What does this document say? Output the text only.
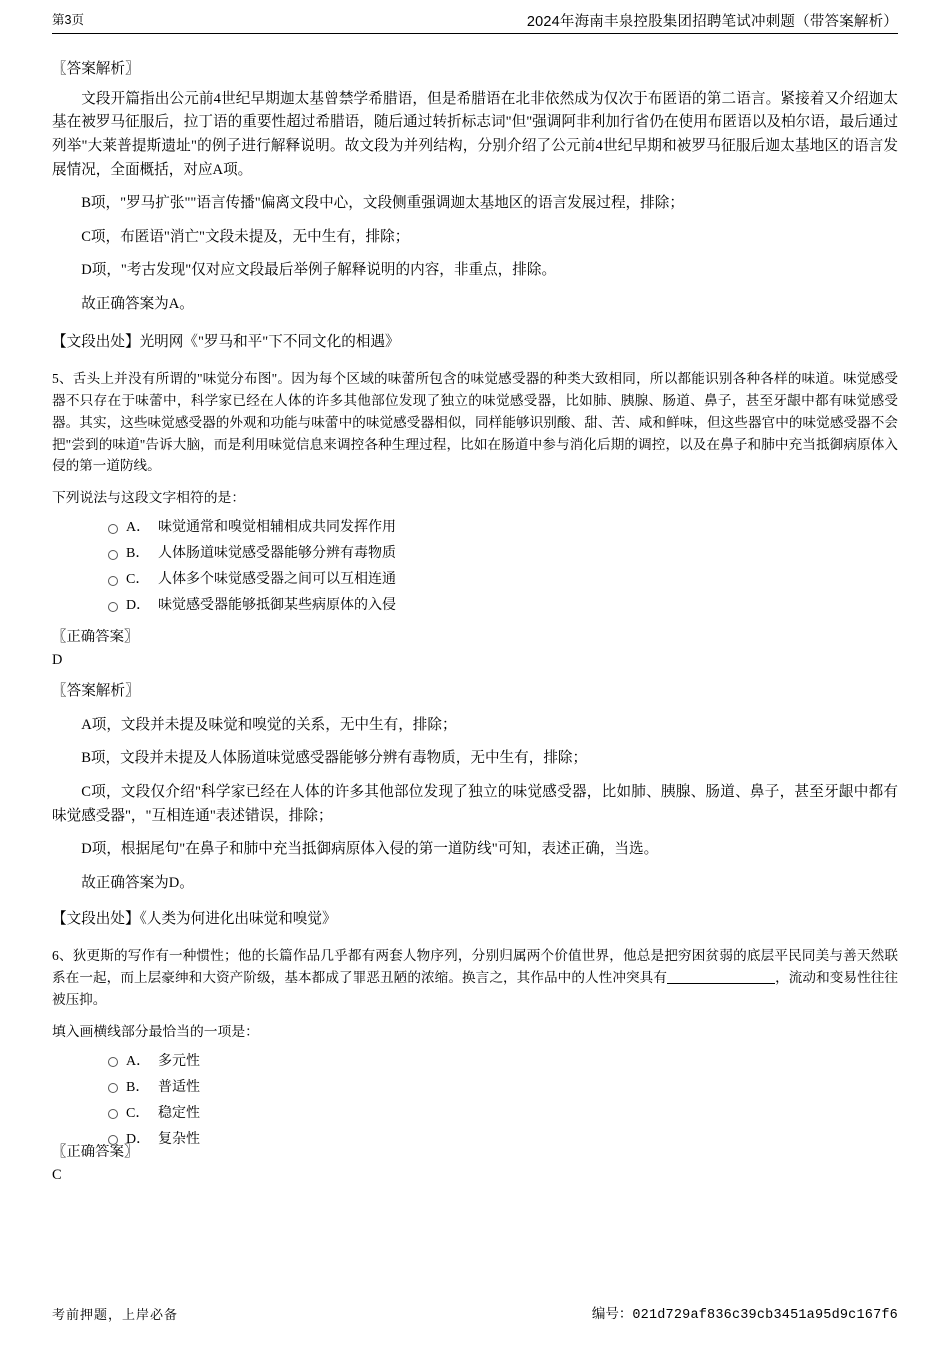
第3页	2024年海南丰泉控股集团招聘笔试冲刺题（带答案解析）
〖答案解析〗
文段开篇指出公元前4世纪早期迦太基曾禁学希腊语，但是希腊语在北非依然成为仅次于布匿语的第二语言。紧接着又介绍迦太基在被罗马征服后，拉丁语的重要性超过希腊语，随后通过转折标志词"但"强调阿非利加行省仍在使用布匿语以及柏尔语，最后通过列举"大莱普提斯遗址"的例子进行解释说明。故文段为并列结构，分别介绍了公元前4世纪早期和被罗马征服后迦太基地区的语言发展情况，全面概括，对应A项。
B项，"罗马扩张""语言传播"偏离文段中心，文段侧重强调迦太基地区的语言发展过程，排除；
C项，布匿语"消亡"文段未提及，无中生有，排除；
D项，"考古发现"仅对应文段最后举例子解释说明的内容，非重点，排除。
故正确答案为A。
【文段出处】光明网《"罗马和平"下不同文化的相遇》
5、舌头上并没有所谓的"味觉分布图"。因为每个区域的味蕾所包含的味觉感受器的种类大致相同，所以都能识别各种各样的味道。味觉感受器不只存在于味蕾中，科学家已经在人体的许多其他部位发现了独立的味觉感受器，比如肺、胰腺、肠道、鼻子，甚至牙龈中都有味觉感受器。其实，这些味觉感受器的外观和功能与味蕾中的味觉感受器相似，同样能够识别酸、甜、苦、咸和鲜味，但这些器官中的味觉感受器不会把"尝到的味道"告诉大脑，而是利用味觉信息来调控各种生理过程，比如在肠道中参与消化后期的调控，以及在鼻子和肺中充当抵御病原体入侵的第一道防线。
下列说法与这段文字相符的是：
A． 味觉通常和嗅觉相辅相成共同发挥作用
B． 人体肠道味觉感受器能够分辨有毒物质
C． 人体多个味觉感受器之间可以互相连通
D． 味觉感受器能够抵御某些病原体的入侵
〖正确答案〗
D
〖答案解析〗
A项，文段并未提及味觉和嗅觉的关系，无中生有，排除；
B项，文段并未提及人体肠道味觉感受器能够分辨有毒物质，无中生有，排除；
C项，文段仅介绍"科学家已经在人体的许多其他部位发现了独立的味觉感受器，比如肺、胰腺、肠道、鼻子，甚至牙龈中都有味觉感受器"，"互相连通"表述错误，排除；
D项，根据尾句"在鼻子和肺中充当抵御病原体入侵的第一道防线"可知，表述正确，当选。
故正确答案为D。
【文段出处】《人类为何进化出味觉和嗅觉》
6、狄更斯的写作有一种惯性；他的长篇作品几乎都有两套人物序列，分别归属两个价值世界，他总是把穷困贫弱的底层平民同美与善天然联系在一起，而上层豪绅和大资产阶级，基本都成了罪恶丑陋的浓缩。换言之，其作品中的人性冲突具有	，流动和变易性往往被压抑。
填入画横线部分最恰当的一项是：
A． 多元性
B． 普适性
C． 稳定性
D． 复杂性
〖正确答案〗
C
考前押题，上岸必备	编号：021d729af836c39cb3451a95d9c167f6
